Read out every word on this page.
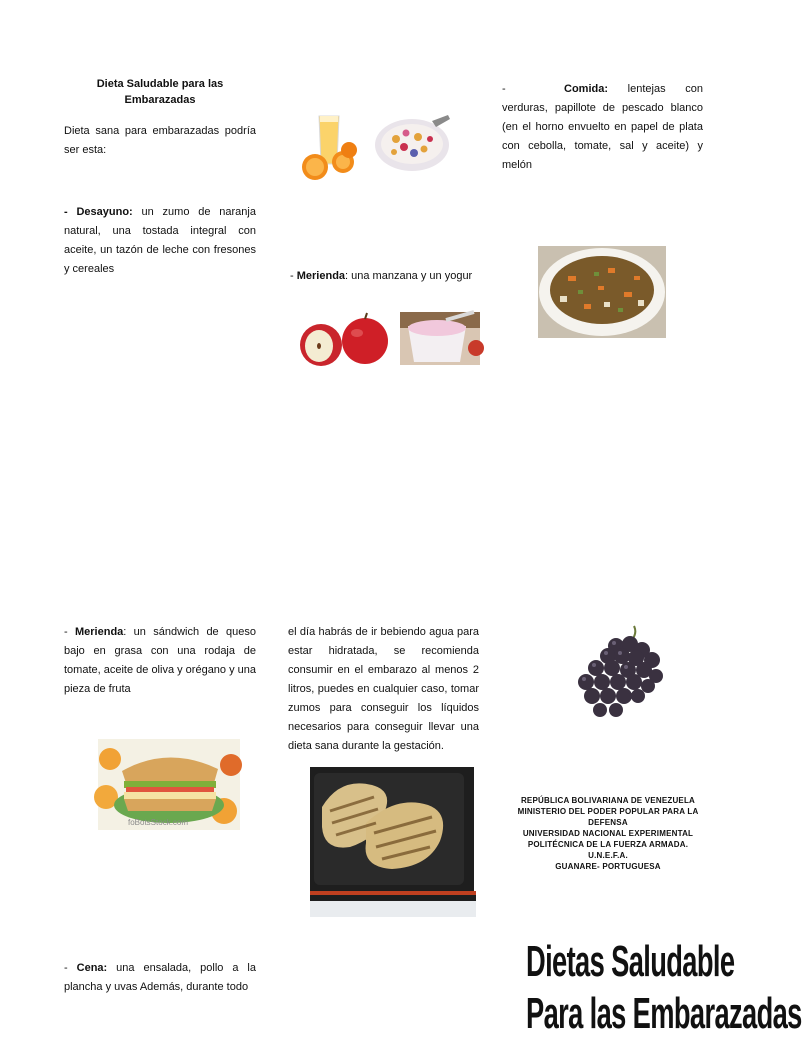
Dieta Saludable para las
Embarazadas

Dieta sana para embarazadas podría ser esta:

- Desayuno: un zumo de naranja natural, una tostada integral con aceite, un tazón de leche con fresones y cereales

- Merienda: un sándwich de queso bajo en grasa con una rodaja de tomate, aceite de oliva y orégano y una pieza de fruta

foBotsStock.com

- Cena: una ensalada, pollo a la plancha y uvas Además, durante todo

- Merienda: una manzana y un yogur

el día habrás de ir bebiendo agua para estar hidratada, se recomienda consumir en el embarazo al menos 2 litros, puedes en cualquier caso, tomar zumos para conseguir los líquidos necesarios para conseguir llevar una dieta sana durante la gestación.

-	Comida: lentejas con verduras, papillote de pescado blanco (en el horno envuelto en papel de plata con cebolla, tomate, sal y aceite) y melón

REPÚBLICA BOLIVARIANA DE VENEZUELA
MINISTERIO DEL PODER POPULAR PARA LA
DEFENSA
UNIVERSIDAD NACIONAL EXPERIMENTAL
POLITÉCNICA DE LA FUERZA ARMADA.
U.N.E.F.A.
GUANARE- PORTUGUESA
Dietas Saludable
Para las Embarazadas
